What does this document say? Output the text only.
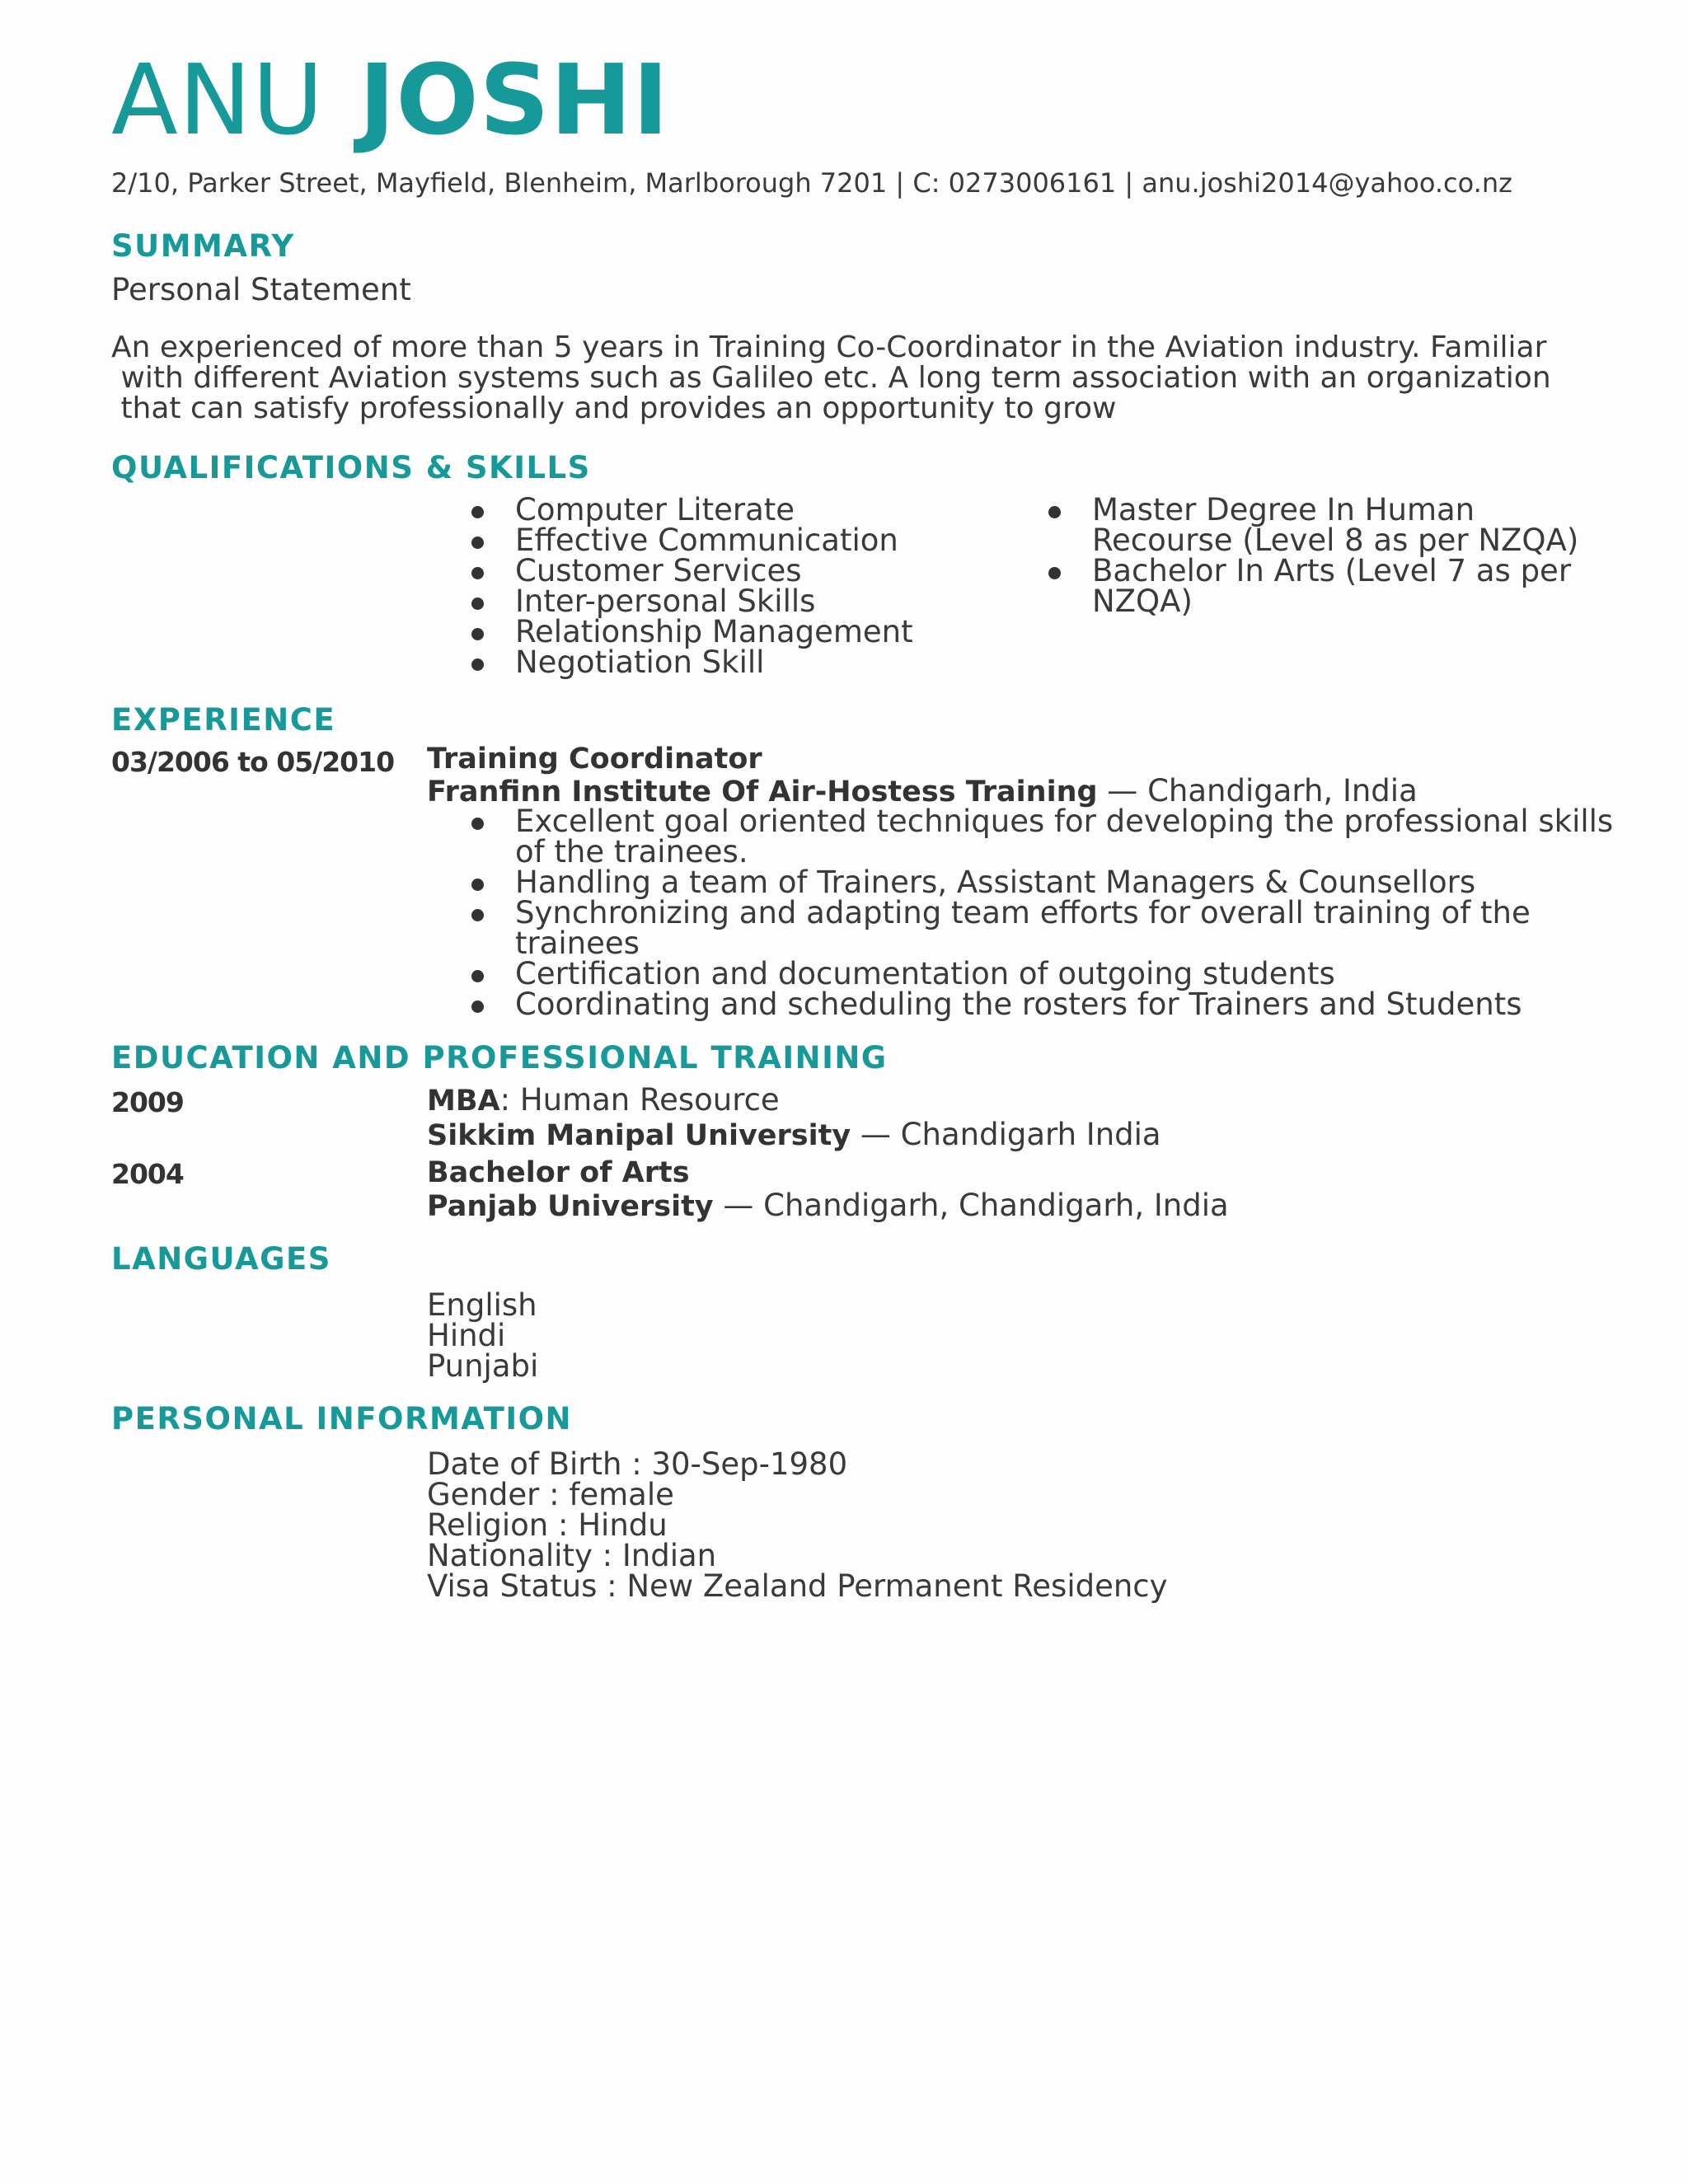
ANU JOSHI
2/10, Parker Street, Mayfield, Blenheim, Marlborough 7201 | C: 0273006161 | anu.joshi2014@yahoo.co.nz
SUMMARY
Personal Statement
An experienced of more than 5 years in Training Co-Coordinator in the Aviation industry. Familiar
with different Aviation systems such as Galileo etc. A long term association with an organization
that can satisfy professionally and provides an opportunity to grow
QUALIFICATIONS & SKILLS
Computer Literate
Effective Communication
Customer Services
Inter-personal Skills
Relationship Management
Negotiation Skill
Master Degree In Human
Recourse (Level 8 as per NZQA)
Bachelor In Arts (Level 7 as per
NZQA)
EXPERIENCE
03/2006 to 05/2010 Training Coordinator
Franfinn Institute Of Air-Hostess Training — Chandigarh, India
Excellent goal oriented techniques for developing the professional skills
of the trainees.
Handling a team of Trainers, Assistant Managers & Counsellors
Synchronizing and adapting team efforts for overall training of the
trainees
Certification and documentation of outgoing students
Coordinating and scheduling the rosters for Trainers and Students
EDUCATION AND PROFESSIONAL TRAINING
2009	MBA: Human Resource
Sikkim Manipal University — Chandigarh India
2004	Bachelor of Arts
Panjab University — Chandigarh, Chandigarh, India
LANGUAGES
English
Hindi
Punjabi
PERSONAL INFORMATION
Date of Birth : 30-Sep-1980
Gender : female
Religion : Hindu
Nationality : Indian
Visa Status : New Zealand Permanent Residency
